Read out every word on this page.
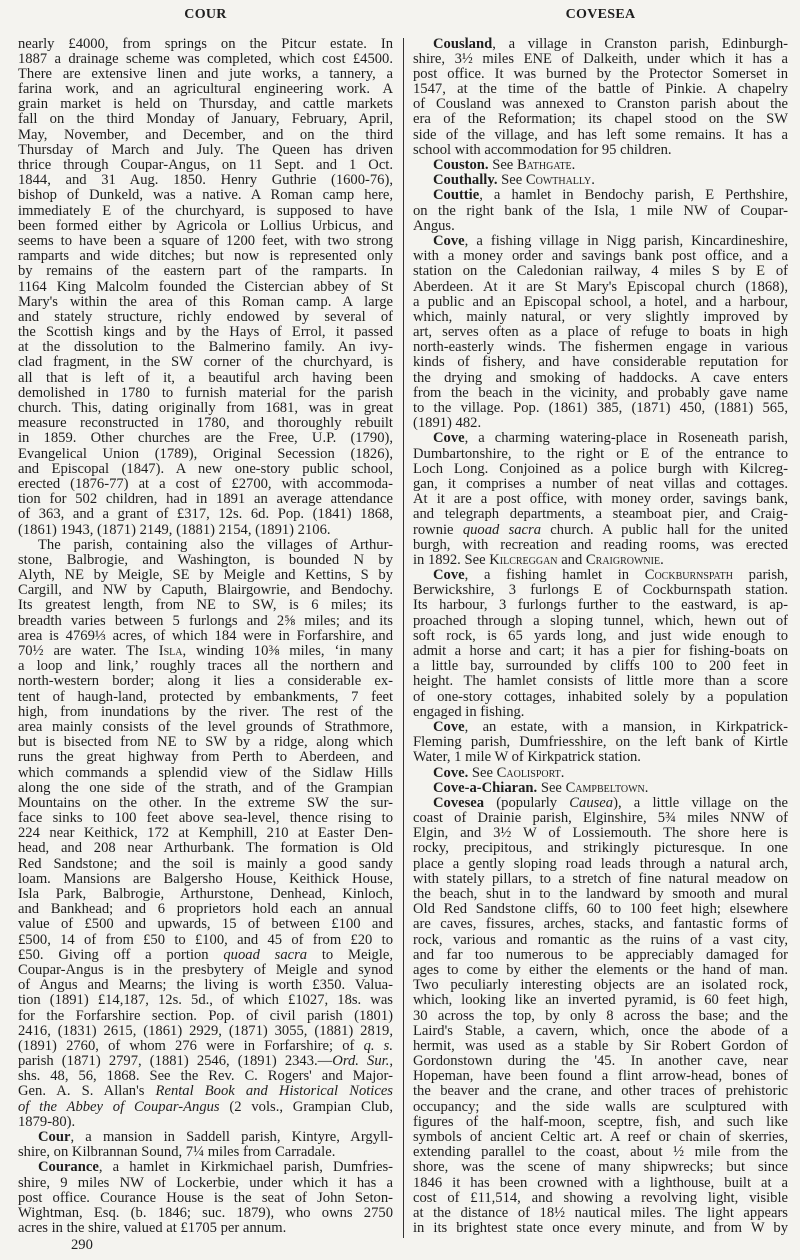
COUR	COVESEA
nearly £4000, from springs on the Pitcur estate. In
1887 a drainage scheme was completed, which cost £4500.
There are extensive linen and jute works, a tannery, a
farina work, and an agricultural engineering work. A
grain market is held on Thursday, and cattle markets
fall on the third Monday of January, February, April,
May, November, and December, and on the third
Thursday of March and July. The Queen has driven
thrice through Coupar-Angus, on 11 Sept. and 1 Oct.
1844, and 31 Aug. 1850. Henry Guthrie (1600-76),
bishop of Dunkeld, was a native. A Roman camp here,
immediately E of the churchyard, is supposed to have
been formed either by Agricola or Lollius Urbicus, and
seems to have been a square of 1200 feet, with two strong
ramparts and wide ditches; but now is represented only
by remains of the eastern part of the ramparts. In
1164 King Malcolm founded the Cistercian abbey of St
Mary's within the area of this Roman camp. A large
and stately structure, richly endowed by several of
the Scottish kings and by the Hays of Errol, it passed
at the dissolution to the Balmerino family. An ivy-
clad fragment, in the SW corner of the churchyard, is
all that is left of it, a beautiful arch having been
demolished in 1780 to furnish material for the parish
church. This, dating originally from 1681, was in great
measure reconstructed in 1780, and thoroughly rebuilt
in 1859. Other churches are the Free, U.P. (1790),
Evangelical Union (1789), Original Secession (1826),
and Episcopal (1847). A new one-story public school,
erected (1876-77) at a cost of £2700, with accommoda-
tion for 502 children, had in 1891 an average attendance
of 363, and a grant of £317, 12s. 6d. Pop. (1841) 1868,
(1861) 1943, (1871) 2149, (1881) 2154, (1891) 2106.
The parish, containing also the villages of Arthur-
stone, Balbrogie, and Washington, is bounded N by
Alyth, NE by Meigle, SE by Meigle and Kettins, S by
Cargill, and NW by Caputh, Blairgowrie, and Bendochy.
Its greatest length, from NE to SW, is 6 miles; its
breadth varies between 5 furlongs and 2⅝ miles; and its
area is 4769⅓ acres, of which 184 were in Forfarshire, and
70½ are water. The Isla, winding 10⅜ miles, ‘in many
a loop and link,’ roughly traces all the northern and
north-western border; along it lies a considerable ex-
tent of haugh-land, protected by embankments, 7 feet
high, from inundations by the river. The rest of the
area mainly consists of the level grounds of Strathmore,
but is bisected from NE to SW by a ridge, along which
runs the great highway from Perth to Aberdeen, and
which commands a splendid view of the Sidlaw Hills
along the one side of the strath, and of the Grampian
Mountains on the other. In the extreme SW the sur-
face sinks to 100 feet above sea-level, thence rising to
224 near Keithick, 172 at Kemphill, 210 at Easter Den-
head, and 208 near Arthurbank. The formation is Old
Red Sandstone; and the soil is mainly a good sandy
loam. Mansions are Balgersho House, Keithick House,
Isla Park, Balbrogie, Arthurstone, Denhead, Kinloch,
and Bankhead; and 6 proprietors hold each an annual
value of £500 and upwards, 15 of between £100 and
£500, 14 of from £50 to £100, and 45 of from £20 to
£50. Giving off a portion quoad sacra to Meigle,
Coupar-Angus is in the presbytery of Meigle and synod
of Angus and Mearns; the living is worth £350. Valua-
tion (1891) £14,187, 12s. 5d., of which £1027, 18s. was
for the Forfarshire section. Pop. of civil parish (1801)
2416, (1831) 2615, (1861) 2929, (1871) 3055, (1881) 2819,
(1891) 2760, of whom 276 were in Forfarshire; of q. s.
parish (1871) 2797, (1881) 2546, (1891) 2343.—Ord. Sur.,
shs. 48, 56, 1868. See the Rev. C. Rogers' and Major-
Gen. A. S. Allan's Rental Book and Historical Notices
of the Abbey of Coupar-Angus (2 vols., Grampian Club,
1879-80).
Cour, a mansion in Saddell parish, Kintyre, Argyll-
shire, on Kilbrannan Sound, 7¼ miles from Carradale.
Courance, a hamlet in Kirkmichael parish, Dumfries-
shire, 9 miles NW of Lockerbie, under which it has a
post office. Courance House is the seat of John Seton-
Wightman, Esq. (b. 1846; suc. 1879), who owns 2750
acres in the shire, valued at £1705 per annum.
Cousland, a village in Cranston parish, Edinburgh-
shire, 3½ miles ENE of Dalkeith, under which it has a
post office. It was burned by the Protector Somerset in
1547, at the time of the battle of Pinkie. A chapelry
of Cousland was annexed to Cranston parish about the
era of the Reformation; its chapel stood on the SW
side of the village, and has left some remains. It has a
school with accommodation for 95 children.
Couston. See Bathgate.
Couthally. See Cowthally.
Couttie, a hamlet in Bendochy parish, E Perthshire,
on the right bank of the Isla, 1 mile NW of Coupar-
Angus.
Cove, a fishing village in Nigg parish, Kincardineshire,
with a money order and savings bank post office, and a
station on the Caledonian railway, 4 miles S by E of
Aberdeen. At it are St Mary's Episcopal church (1868),
a public and an Episcopal school, a hotel, and a harbour,
which, mainly natural, or very slightly improved by
art, serves often as a place of refuge to boats in high
north-easterly winds. The fishermen engage in various
kinds of fishery, and have considerable reputation for
the drying and smoking of haddocks. A cave enters
from the beach in the vicinity, and probably gave name
to the village. Pop. (1861) 385, (1871) 450, (1881) 565,
(1891) 482.
Cove, a charming watering-place in Roseneath parish,
Dumbartonshire, to the right or E of the entrance to
Loch Long. Conjoined as a police burgh with Kilcreg-
gan, it comprises a number of neat villas and cottages.
At it are a post office, with money order, savings bank,
and telegraph departments, a steamboat pier, and Craig-
rownie quoad sacra church. A public hall for the united
burgh, with recreation and reading rooms, was erected
in 1892. See Kilcreggan and Craigrownie.
Cove, a fishing hamlet in Cockburnspath parish,
Berwickshire, 3 furlongs E of Cockburnspath station.
Its harbour, 3 furlongs further to the eastward, is ap-
proached through a sloping tunnel, which, hewn out of
soft rock, is 65 yards long, and just wide enough to
admit a horse and cart; it has a pier for fishing-boats on
a little bay, surrounded by cliffs 100 to 200 feet in
height. The hamlet consists of little more than a score
of one-story cottages, inhabited solely by a population
engaged in fishing.
Cove, an estate, with a mansion, in Kirkpatrick-
Fleming parish, Dumfriesshire, on the left bank of Kirtle
Water, 1 mile W of Kirkpatrick station.
Cove. See Caolisport.
Cove-a-Chiaran. See Campbeltown.
Covesea (popularly Causea), a little village on the
coast of Drainie parish, Elginshire, 5¾ miles NNW of
Elgin, and 3½ W of Lossiemouth. The shore here is
rocky, precipitous, and strikingly picturesque. In one
place a gently sloping road leads through a natural arch,
with stately pillars, to a stretch of fine natural meadow on
the beach, shut in to the landward by smooth and mural
Old Red Sandstone cliffs, 60 to 100 feet high; elsewhere
are caves, fissures, arches, stacks, and fantastic forms of
rock, various and romantic as the ruins of a vast city,
and far too numerous to be appreciably damaged for
ages to come by either the elements or the hand of man.
Two peculiarly interesting objects are an isolated rock,
which, looking like an inverted pyramid, is 60 feet high,
30 across the top, by only 8 across the base; and the
Laird's Stable, a cavern, which, once the abode of a
hermit, was used as a stable by Sir Robert Gordon of
Gordonstown during the '45. In another cave, near
Hopeman, have been found a flint arrow-head, bones of
the beaver and the crane, and other traces of prehistoric
occupancy; and the side walls are sculptured with
figures of the half-moon, sceptre, fish, and such like
symbols of ancient Celtic art. A reef or chain of skerries,
extending parallel to the coast, about ½ mile from the
shore, was the scene of many shipwrecks; but since
1846 it has been crowned with a lighthouse, built at a
cost of £11,514, and showing a revolving light, visible
at the distance of 18½ nautical miles. The light appears
in its brightest state once every minute, and from W by
290
